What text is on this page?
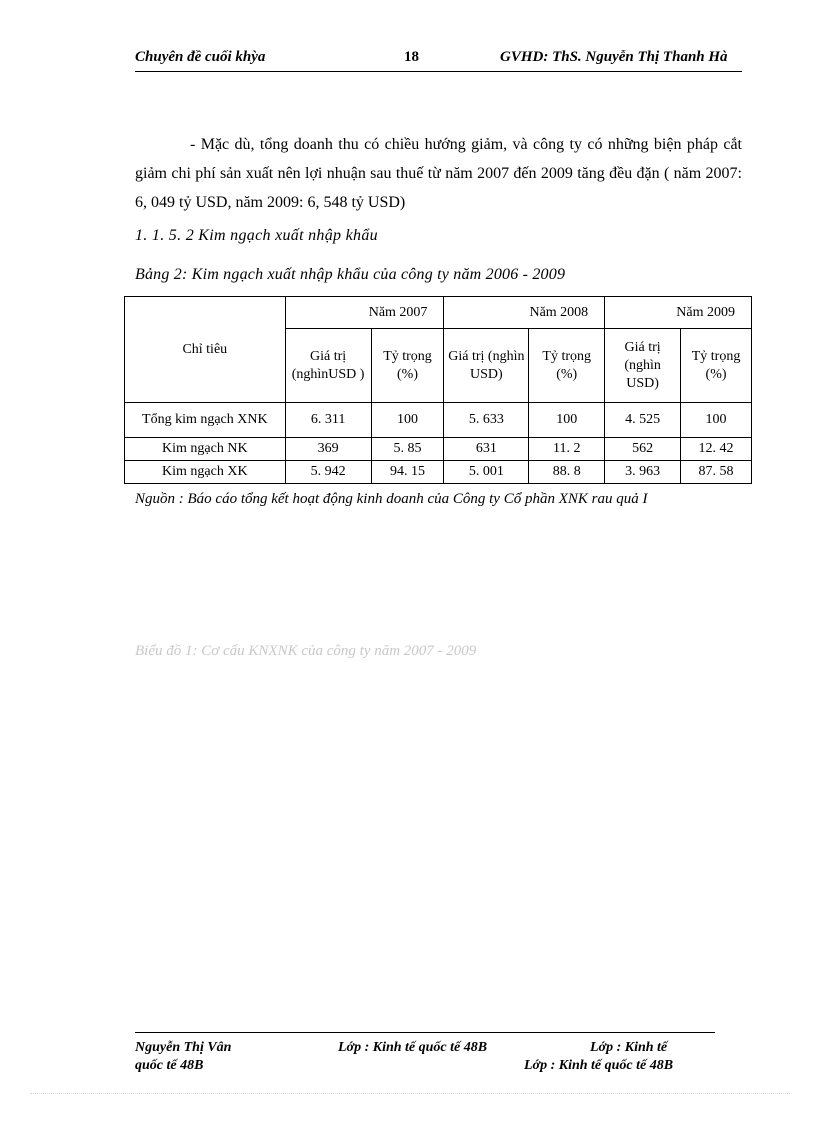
Chuyên đề cuối khỳa	18	GVHD: ThS. Nguyễn Thị Thanh Hà
- Mặc dù, tổng doanh thu có chiều hướng giảm, và công ty có những biện pháp cắt giảm chi phí sản xuất nên lợi nhuận sau thuế từ năm 2007 đến 2009 tăng đều đặn ( năm 2007: 6, 049 tỷ USD, năm 2009: 6, 548 tỷ USD)
1. 1. 5. 2 Kim ngạch xuất nhập khẩu
Bảng 2: Kim ngạch xuất nhập khẩu của công ty năm 2006 - 2009
Chỉ tiêu	Năm 2007		Năm 2008		Năm 2009	
	Giá trị (nghìnUSD )	Tỷ trọng (%)	Giá trị (nghìn USD)	Tỷ trọng (%)	Giá trị (nghìn USD)	Tỷ trọng (%)
Tổng kim ngạch XNK	6. 311	100	5. 633	100	4. 525	100
Kim ngạch NK	369	5. 85	631	11. 2	562	12. 42
Kim ngạch XK	5. 942	94. 15	5. 001	88. 8	3. 963	87. 58
Nguồn : Báo cáo tổng kết hoạt động kinh doanh của Công ty Cổ phần XNK rau quả I
Biểu đồ 1: Cơ cấu KNXNK của công ty năm 2007 - 2009
Nguyễn Thị Vân	Lớp : Kinh tế quốc tế 48B	Lớp : Kinh tế
quốc tế 48B	Lớp : Kinh tế quốc tế 48B
